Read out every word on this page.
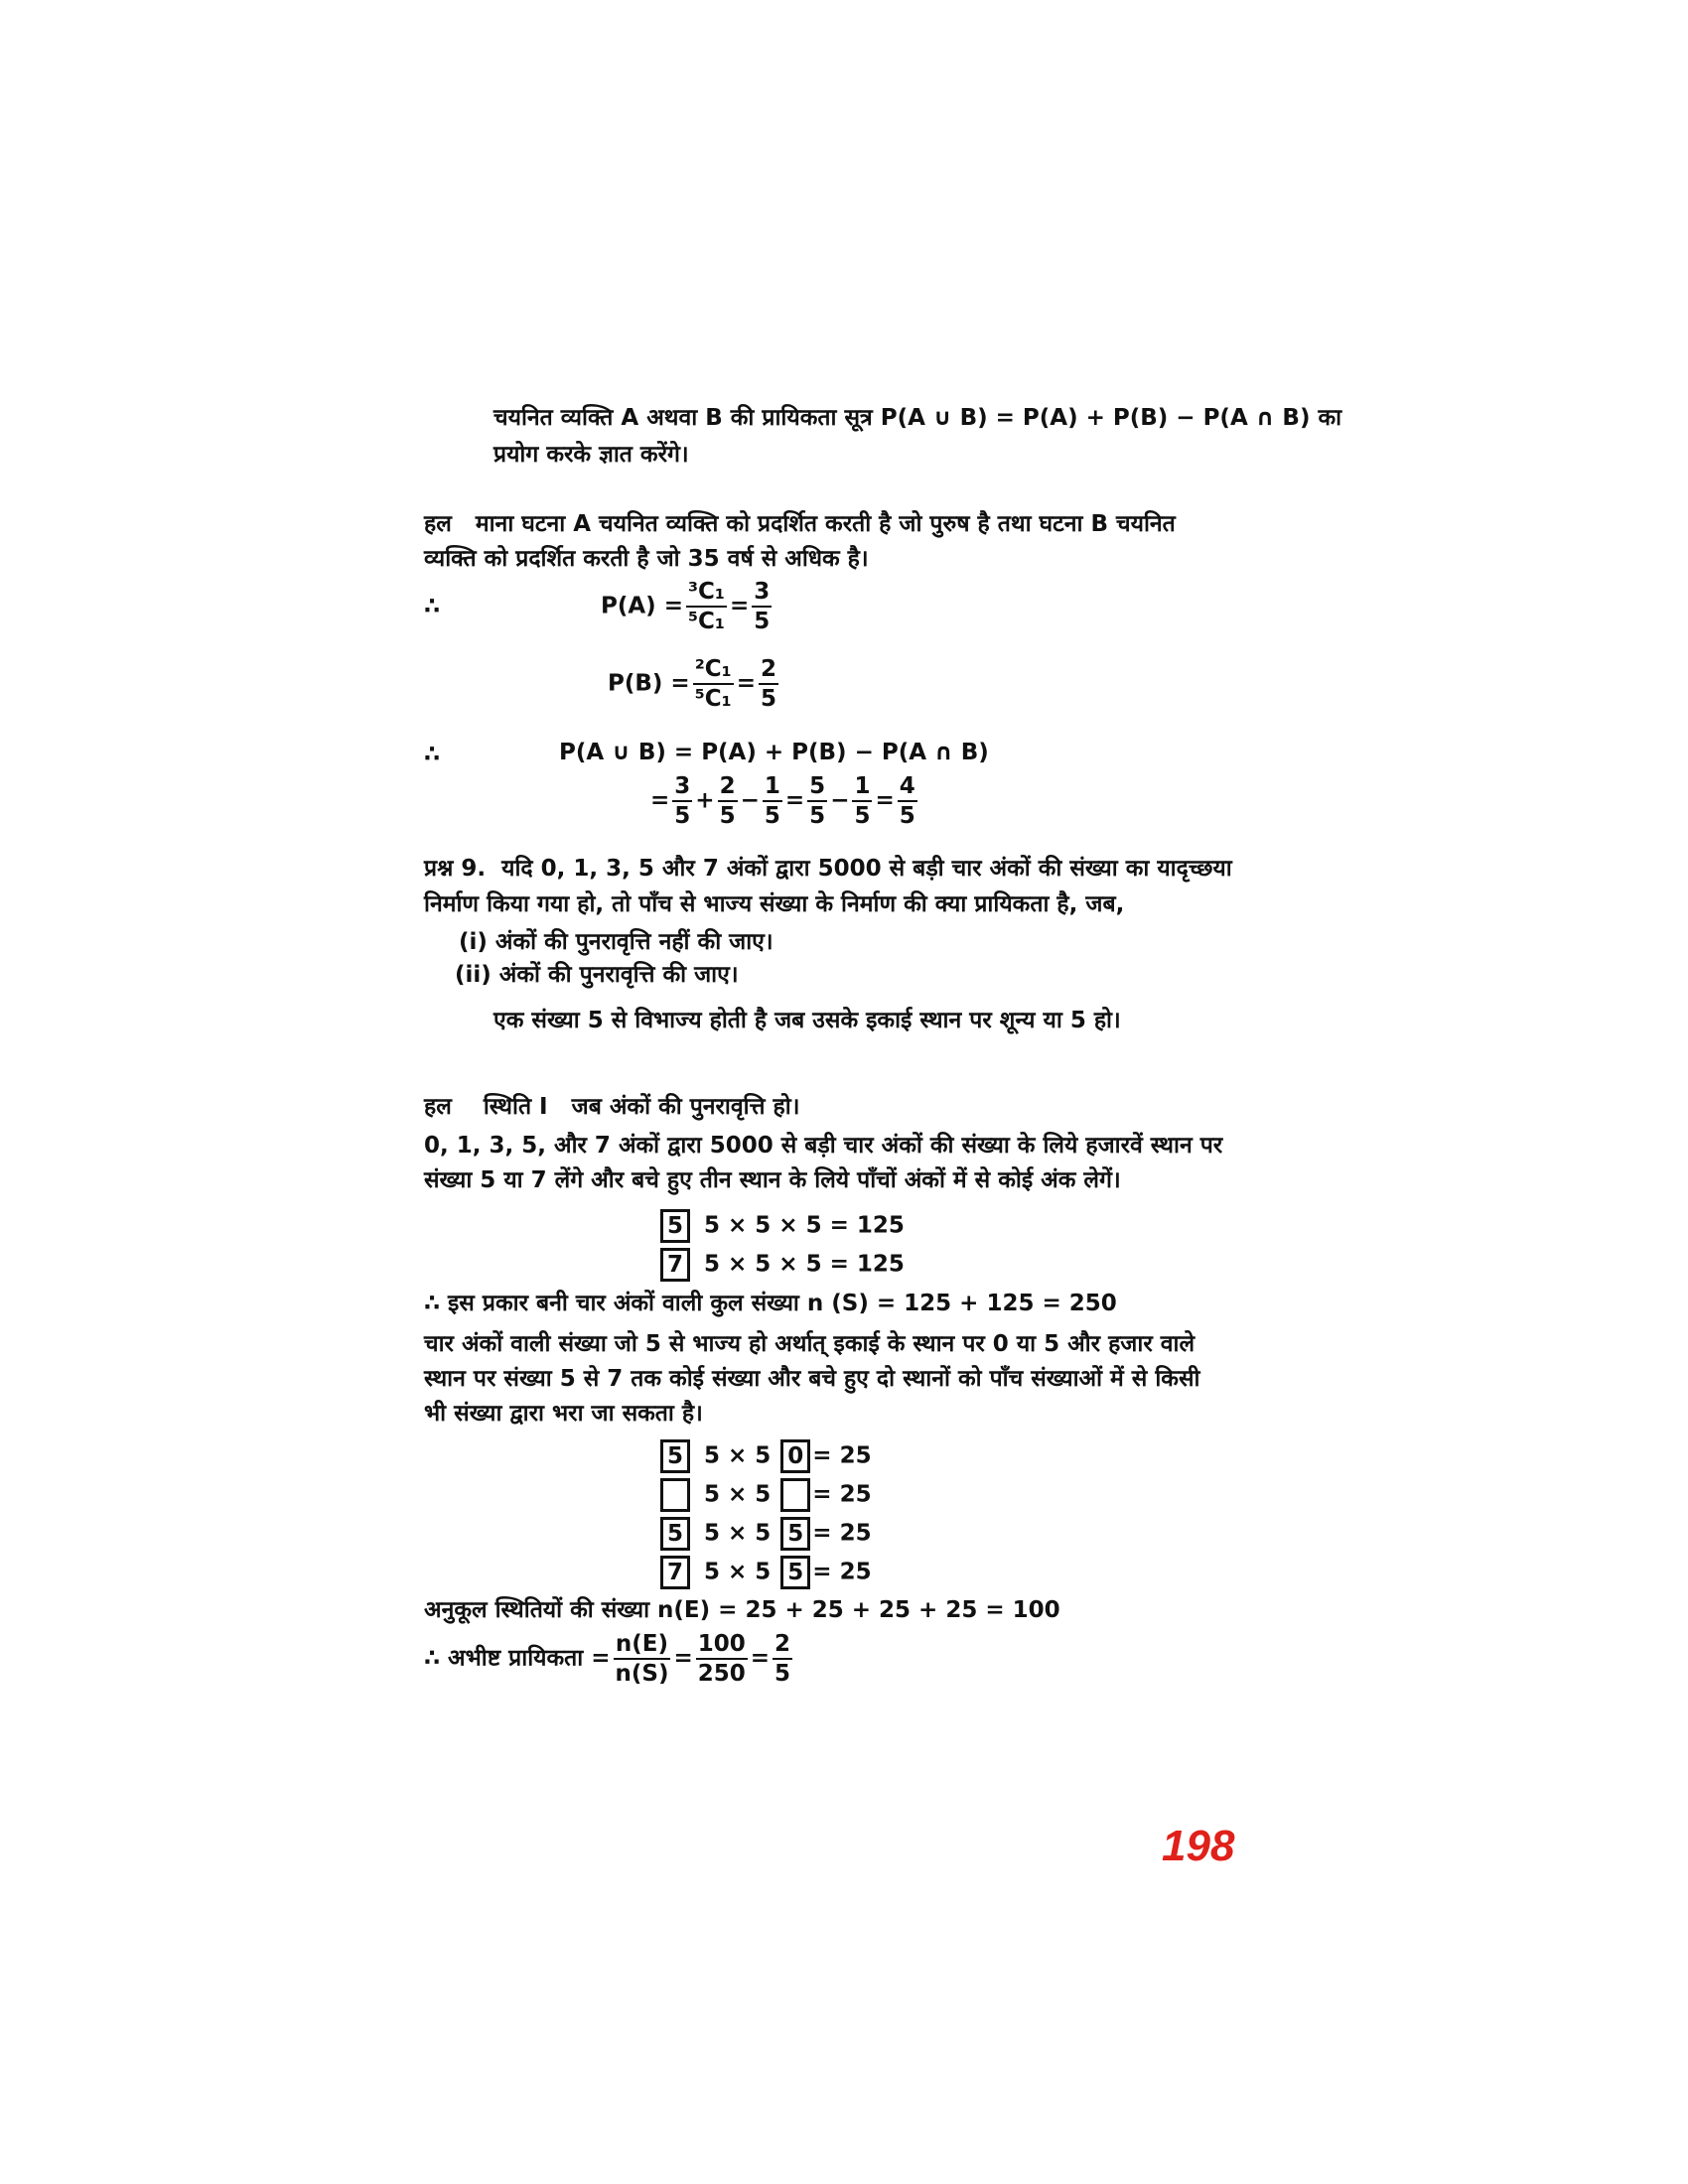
चयनित व्यक्ति A अथवा B की प्रायिकता सूत्र P(A ∪ B) = P(A) + P(B) − P(A ∩ B) का
प्रयोग करके ज्ञात करेंगे।
हल माना घटना A चयनित व्यक्ति को प्रदर्शित करती है जो पुरुष है तथा घटना B चयनित
व्यक्ति को प्रदर्शित करती है जो 35 वर्ष से अधिक है।
∴	$P(A) = \frac{\text{³C₁}}{\text{⁵C₁}} = \frac{3}{5}$
$P(B) = \frac{\text{²C₁}}{\text{⁵C₁}} = \frac{2}{5}$
∴	P(A ∪ B) = P(A) + P(B) − P(A ∩ B)
= $\frac{3}{5} + \frac{2}{5} - \frac{1}{5} = \frac{5}{5} - \frac{1}{5} = \frac{4}{5}$
प्रश्न 9. यदि 0, 1, 3, 5 और 7 अंकों द्वारा 5000 से बड़ी चार अंकों की संख्या का यादृच्छया
निर्माण किया गया हो, तो पाँच से भाज्य संख्या के निर्माण की क्या प्रायिकता है, जब,
(i) अंकों की पुनरावृत्ति नहीं की जाए।
(ii) अंकों की पुनरावृत्ति की जाए।
एक संख्या 5 से विभाज्य होती है जब उसके इकाई स्थान पर शून्य या 5 हो।
हल स्थिति I जब अंकों की पुनरावृत्ति हो।
0, 1, 3, 5, और 7 अंकों द्वारा 5000 से बड़ी चार अंकों की संख्या के लिये हजारवें स्थान पर
संख्या 5 या 7 लेंगे और बचे हुए तीन स्थान के लिये पाँचों अंकों में से कोई अंक लेगें।
5 5 × 5 × 5 = 125
7 5 × 5 × 5 = 125
∴ इस प्रकार बनी चार अंकों वाली कुल संख्या n (S) = 125 + 125 = 250
चार अंकों वाली संख्या जो 5 से भाज्य हो अर्थात् इकाई के स्थान पर 0 या 5 और हजार वाले
स्थान पर संख्या 5 से 7 तक कोई संख्या और बचे हुए दो स्थानों को पाँच संख्याओं में से किसी
भी संख्या द्वारा भरा जा सकता है।
5 5 × 5 0 = 25
5 × 5 = 25
5 5 × 5 5 = 25
7 5 × 5 5 = 25
अनुकूल स्थितियों की संख्या n(E) = 25 + 25 + 25 + 25 = 100
∴ अभीष्ट प्रायिकता = $\frac{n(E)}{n(S)} = \frac{100}{250} = \frac{2}{5}$
198
